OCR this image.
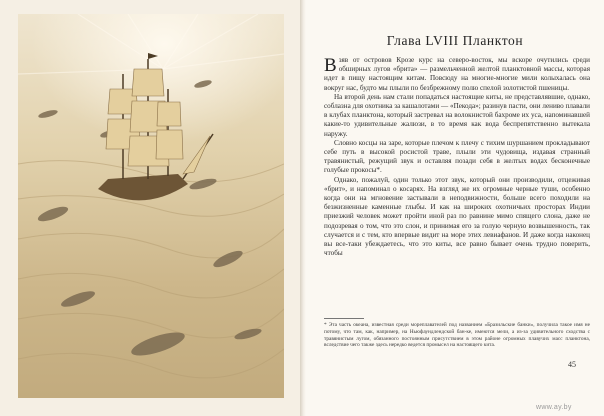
Глава LVIII Планктон
Взяв от островов Крозе курс на северо-восток, мы вскоре очутились среди обширных лугов «брита» — размельченной желтой планктовной массы, которая идет в пищу настоящим китам. Повсюду на многие-многие мили колыхалась она вокруг нас, будто мы плыли по безбрежному полю спелой золотистой пшеницы.
На второй день нам стали попадаться настоящие киты, не представлявшие, однако, соблазна для охотника за кашалотами — «Пекода»; разинув пасти, они лениво плавали в клубах планктона, который застревал на волокнистой бахроме их уса, напоминавшей какие-то удивительные жалюзи, в то время как вода беспрепятственно вытекала наружу.
Словно косцы на заре, которые плечом к плечу с тихим шуршанием прокладывают себе путь в высокой росистой траве, плыли эти чудовища, издавая странный травянистый, режущий звук и оставляя позади себя в желтых водах бесконечные голубые прокосы*.
Однако, пожалуй, один только этот звук, который они производили, отцеживая «брит», и напоминал о косарях. На взгляд же их огромные черные туши, особенно когда они на мгновение застывали в неподвижности, больше всего походили на безжизненные каменные глыбы. И как на широких охотничьих просторах Индии приезжий человек может пройти иной раз по равнине мимо спящего слона, даже не подозревая о том, что это слон, и принимая его за голую черную возвышенность, так случается и с тем, кто впервые видит на море этих левиафанов. И даже когда наконец вы все-таки убеждаетесь, что это киты, все равно бывает очень трудно поверить, чтобы
* Эта часть океана, известная среди мореплавателей под названием «Бразильские банки», получила такое имя не потому, что там, как, например, на Ньюфаундлендской бан-ке, имеются мели, а из-за удивительного сходства с травянистым лугом, обязанного постоянным присутствием в этом районе огромных плавучих масс планктона, вследствие чего также здесь нередко ведется промысел на настоящего кита.
45
www.ay.by
